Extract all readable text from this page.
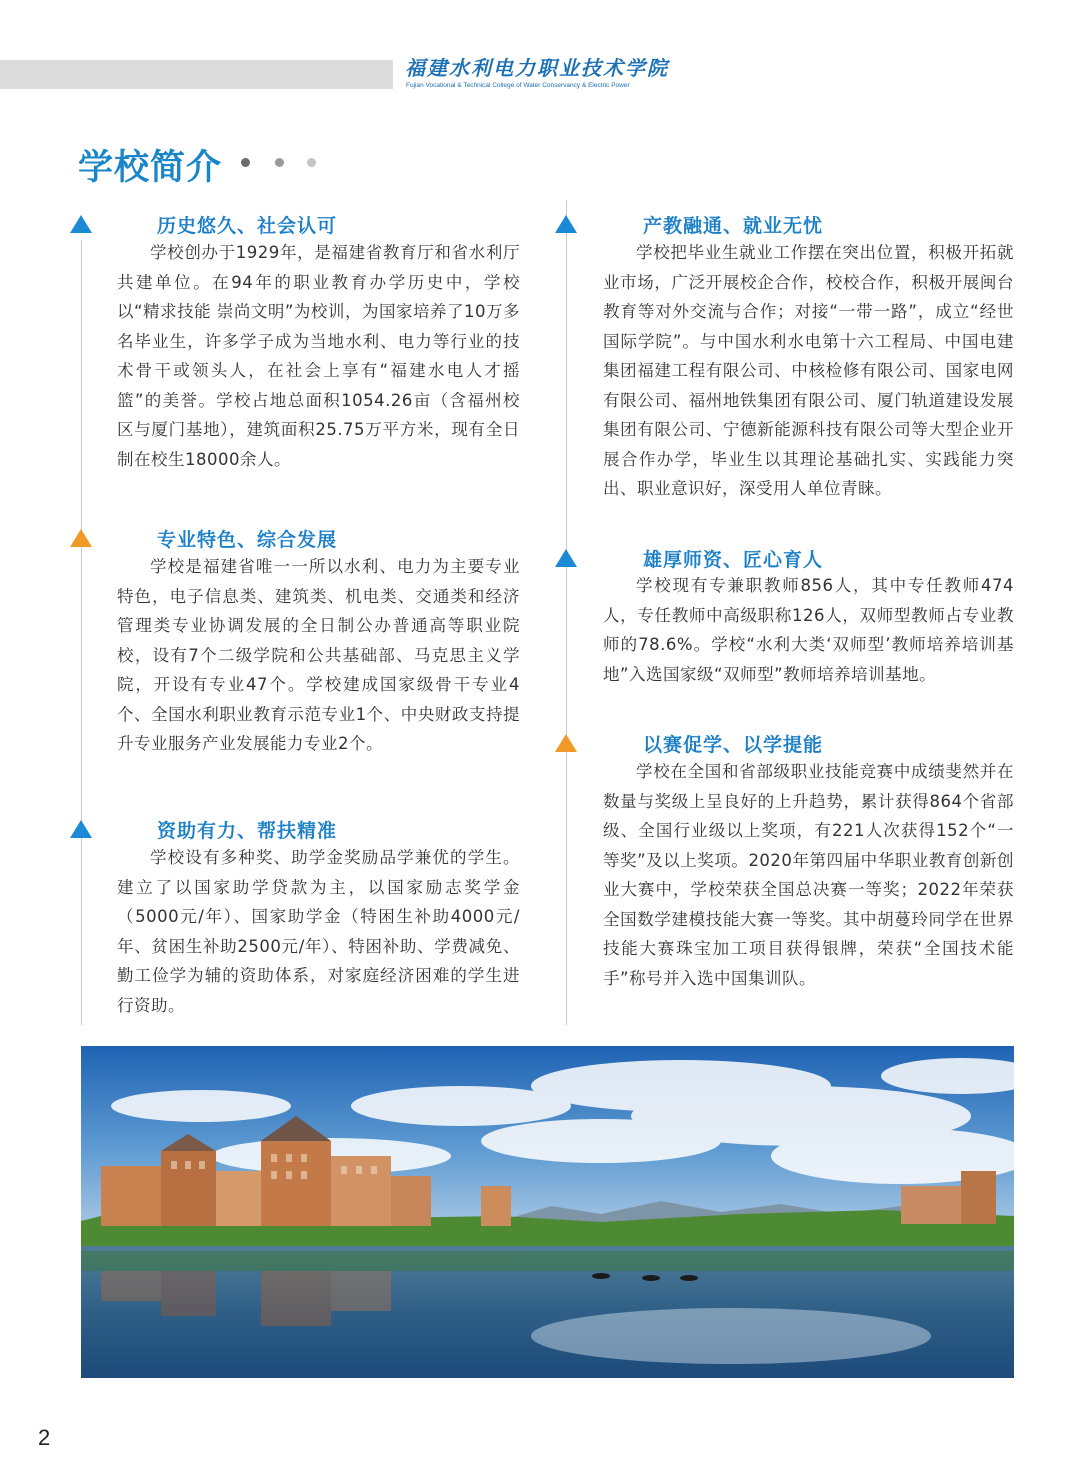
福建水利电力职业技术学院
Fujian Vocational & Technical College of Water Conservancy & Electric Power
学校简介
历史悠久、社会认可

学校创办于1929年，是福建省教育厅和省水利厅共建单位。在94年的职业教育办学历史中，学校以“精求技能 崇尚文明”为校训，为国家培养了10万多名毕业生，许多学子成为当地水利、电力等行业的技术骨干或领头人，在社会上享有“福建水电人才摇篮”的美誉。学校占地总面积1054.26亩（含福州校区与厦门基地），建筑面积25.75万平方米，现有全日制在校生18000余人。

专业特色、综合发展

学校是福建省唯一一所以水利、电力为主要专业特色，电子信息类、建筑类、机电类、交通类和经济管理类专业协调发展的全日制公办普通高等职业院校，设有7个二级学院和公共基础部、马克思主义学院，开设有专业47个。学校建成国家级骨干专业4个、全国水利职业教育示范专业1个、中央财政支持提升专业服务产业发展能力专业2个。

资助有力、帮扶精准

学校设有多种奖、助学金奖励品学兼优的学生。建立了以国家助学贷款为主，以国家励志奖学金（5000元/年）、国家助学金（特困生补助4000元/年、贫困生补助2500元/年）、特困补助、学费减免、勤工俭学为辅的资助体系，对家庭经济困难的学生进行资助。

产教融通、就业无忧

学校把毕业生就业工作摆在突出位置，积极开拓就业市场，广泛开展校企合作，校校合作，积极开展闽台教育等对外交流与合作；对接“一带一路”，成立“经世国际学院”。与中国水利水电第十六工程局、中国电建集团福建工程有限公司、中核检修有限公司、国家电网有限公司、福州地铁集团有限公司、厦门轨道建设发展集团有限公司、宁德新能源科技有限公司等大型企业开展合作办学，毕业生以其理论基础扎实、实践能力突出、职业意识好，深受用人单位青睐。

雄厚师资、匠心育人

学校现有专兼职教师856人，其中专任教师474人，专任教师中高级职称126人，双师型教师占专业教师的78.6%。学校“水利大类‘双师型’教师培养培训基地”入选国家级“双师型”教师培养培训基地。

以赛促学、以学提能

学校在全国和省部级职业技能竞赛中成绩斐然并在数量与奖级上呈良好的上升趋势，累计获得864个省部级、全国行业级以上奖项，有221人次获得152个“一等奖”及以上奖项。2020年第四届中华职业教育创新创业大赛中，学校荣获全国总决赛一等奖；2022年荣获全国数学建模技能大赛一等奖。其中胡蔓玲同学在世界技能大赛珠宝加工项目获得银牌，荣获“全国技术能手”称号并入选中国集训队。

2
